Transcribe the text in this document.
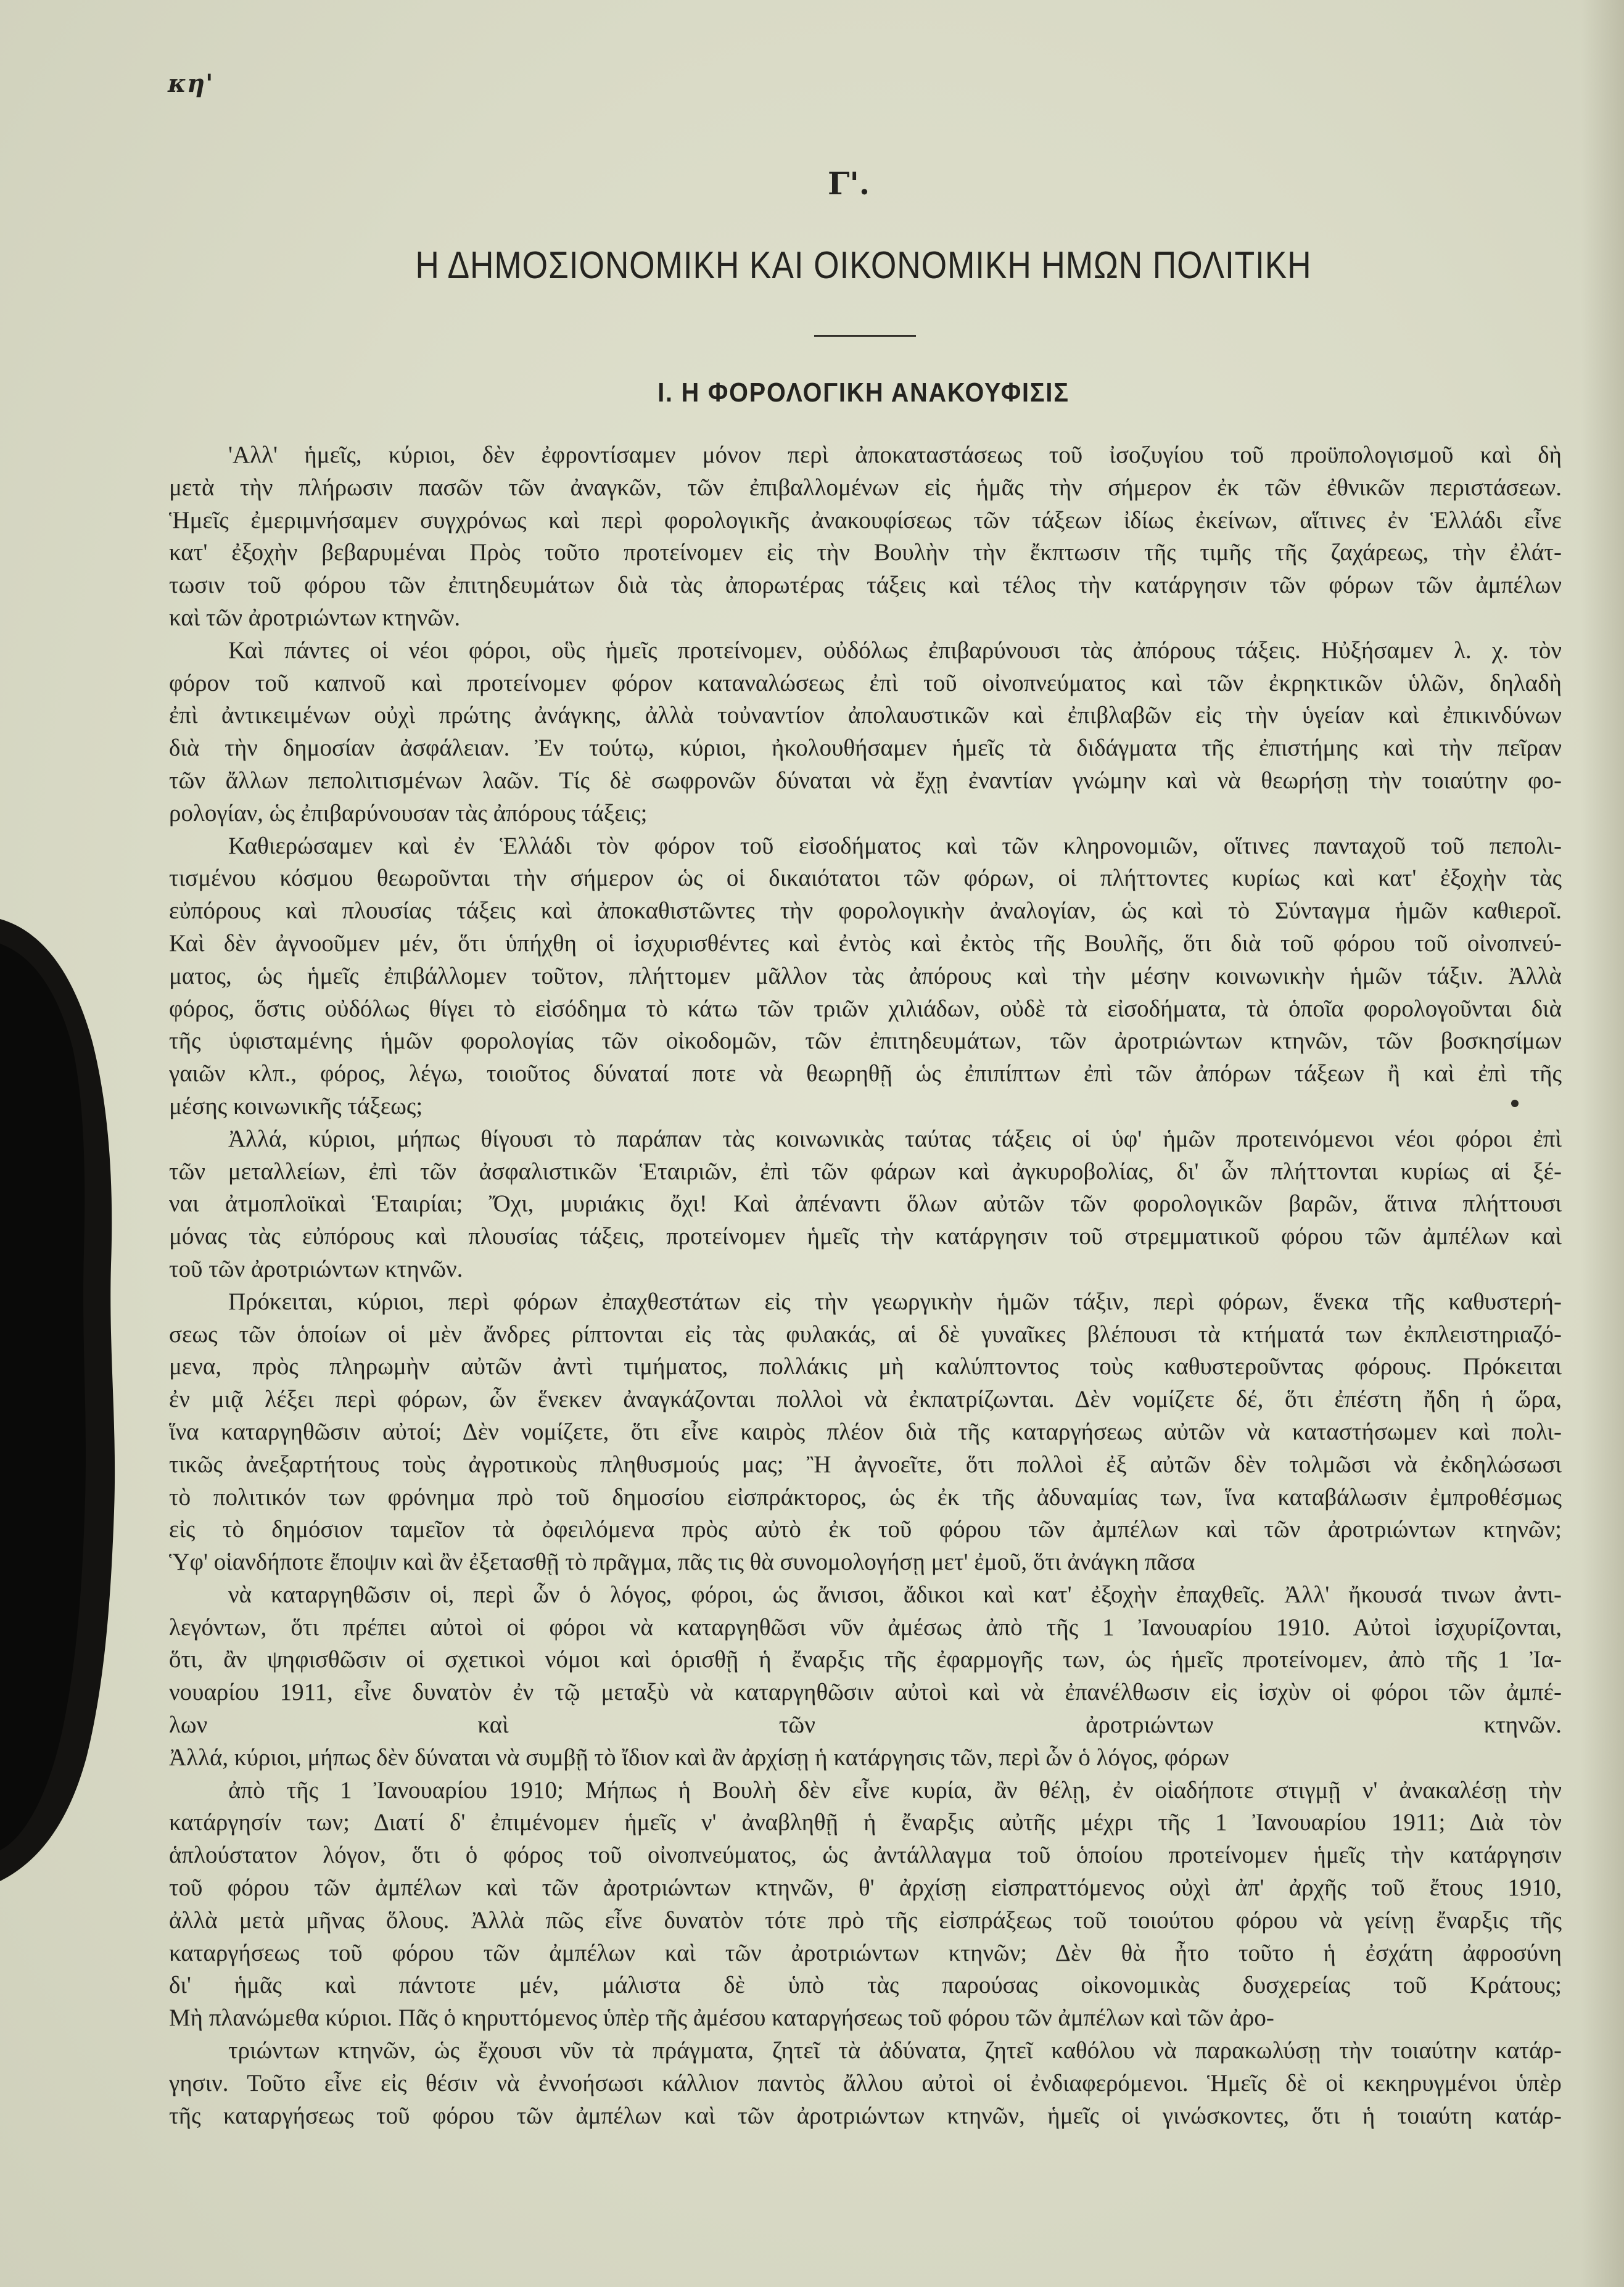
κη'
Γ'.
Η ΔΗΜΟΣΙΟΝΟΜΙΚΗ ΚΑΙ ΟΙΚΟΝΟΜΙΚΗ ΗΜΩΝ ΠΟΛΙΤΙΚΗ
I. Η ΦΟΡΟΛΟΓΙΚΗ ΑΝΑΚΟΥΦΙΣΙΣ
'Αλλ' ἡμεῖς, κύριοι, δὲν ἐφροντίσαμεν μόνον περὶ ἀποκαταστάσεως τοῦ ἰσοζυγίου τοῦ προϋπολογισμοῦ καὶ δὴ
μετὰ τὴν πλήρωσιν πασῶν τῶν ἀναγκῶν, τῶν ἐπιβαλλομένων εἰς ἡμᾶς τὴν σήμερον ἐκ τῶν ἐθνικῶν περιστάσεων.
Ἡμεῖς ἐμεριμνήσαμεν συγχρόνως καὶ περὶ φορολογικῆς ἀνακουφίσεως τῶν τάξεων ἰδίως ἐκείνων, αἵτινες ἐν Ἑλλάδι εἶνε
κατ' ἐξοχὴν βεβαρυμέναι Πρὸς τοῦτο προτείνομεν εἰς τὴν Βουλὴν τὴν ἔκπτωσιν τῆς τιμῆς τῆς ζαχάρεως, τὴν ἐλάτ-
τωσιν τοῦ φόρου τῶν ἐπιτηδευμάτων διὰ τὰς ἀπορωτέρας τάξεις καὶ τέλος τὴν κατάργησιν τῶν φόρων τῶν ἀμπέλων
καὶ τῶν ἀροτριώντων κτηνῶν.
Καὶ πάντες οἱ νέοι φόροι, οὓς ἡμεῖς προτείνομεν, οὐδόλως ἐπιβαρύνουσι τὰς ἀπόρους τάξεις. Ηὐξήσαμεν λ. χ. τὸν
φόρον τοῦ καπνοῦ καὶ προτείνομεν φόρον καταναλώσεως ἐπὶ τοῦ οἰνοπνεύματος καὶ τῶν ἐκρηκτικῶν ὑλῶν, δηλαδὴ
ἐπὶ ἀντικειμένων οὐχὶ πρώτης ἀνάγκης, ἀλλὰ τοὐναντίον ἀπολαυστικῶν καὶ ἐπιβλαβῶν εἰς τὴν ὑγείαν καὶ ἐπικινδύνων
διὰ τὴν δημοσίαν ἀσφάλειαν. Ἐν τούτῳ, κύριοι, ἠκολουθήσαμεν ἡμεῖς τὰ διδάγματα τῆς ἐπιστήμης καὶ τὴν πεῖραν
τῶν ἄλλων πεπολιτισμένων λαῶν. Τίς δὲ σωφρονῶν δύναται νὰ ἔχῃ ἐναντίαν γνώμην καὶ νὰ θεωρήσῃ τὴν τοιαύτην φο-
ρολογίαν, ὡς ἐπιβαρύνουσαν τὰς ἀπόρους τάξεις;
Καθιερώσαμεν καὶ ἐν Ἑλλάδι τὸν φόρον τοῦ εἰσοδήματος καὶ τῶν κληρονομιῶν, οἵτινες πανταχοῦ τοῦ πεπολι-
τισμένου κόσμου θεωροῦνται τὴν σήμερον ὡς οἱ δικαιότατοι τῶν φόρων, οἱ πλήττοντες κυρίως καὶ κατ' ἐξοχὴν τὰς
εὐπόρους καὶ πλουσίας τάξεις καὶ ἀποκαθιστῶντες τὴν φορολογικὴν ἀναλογίαν, ὡς καὶ τὸ Σύνταγμα ἡμῶν καθιεροῖ.
Καὶ δὲν ἀγνοοῦμεν μέν, ὅτι ὑπήχθη οἱ ἰσχυρισθέντες καὶ ἐντὸς καὶ ἐκτὸς τῆς Βουλῆς, ὅτι διὰ τοῦ φόρου τοῦ οἰνοπνεύ-
ματος, ὡς ἡμεῖς ἐπιβάλλομεν τοῦτον, πλήττομεν μᾶλλον τὰς ἀπόρους καὶ τὴν μέσην κοινωνικὴν ἡμῶν τάξιν. Ἀλλὰ
φόρος, ὅστις οὐδόλως θίγει τὸ εἰσόδημα τὸ κάτω τῶν τριῶν χιλιάδων, οὐδὲ τὰ εἰσοδήματα, τὰ ὁποῖα φορολογοῦνται διὰ
τῆς ὑφισταμένης ἡμῶν φορολογίας τῶν οἰκοδομῶν, τῶν ἐπιτηδευμάτων, τῶν ἀροτριώντων κτηνῶν, τῶν βοσκησίμων
γαιῶν κλπ., φόρος, λέγω, τοιοῦτος δύναταί ποτε νὰ θεωρηθῇ ὡς ἐπιπίπτων ἐπὶ τῶν ἀπόρων τάξεων ἢ καὶ ἐπὶ τῆς
μέσης κοινωνικῆς τάξεως;
Ἀλλά, κύριοι, μήπως θίγουσι τὸ παράπαν τὰς κοινωνικὰς ταύτας τάξεις οἱ ὑφ' ἡμῶν προτεινόμενοι νέοι φόροι ἐπὶ
τῶν μεταλλείων, ἐπὶ τῶν ἀσφαλιστικῶν Ἑταιριῶν, ἐπὶ τῶν φάρων καὶ ἀγκυροβολίας, δι' ὧν πλήττονται κυρίως αἱ ξέ-
ναι ἀτμοπλοϊκαὶ Ἑταιρίαι; Ὄχι, μυριάκις ὄχι! Καὶ ἀπέναντι ὅλων αὐτῶν τῶν φορολογικῶν βαρῶν, ἅτινα πλήττουσι
μόνας τὰς εὐπόρους καὶ πλουσίας τάξεις, προτείνομεν ἡμεῖς τὴν κατάργησιν τοῦ στρεμματικοῦ φόρου τῶν ἀμπέλων καὶ
τοῦ τῶν ἀροτριώντων κτηνῶν.
Πρόκειται, κύριοι, περὶ φόρων ἐπαχθεστάτων εἰς τὴν γεωργικὴν ἡμῶν τάξιν, περὶ φόρων, ἕνεκα τῆς καθυστερή-
σεως τῶν ὁποίων οἱ μὲν ἄνδρες ρίπτονται εἰς τὰς φυλακάς, αἱ δὲ γυναῖκες βλέπουσι τὰ κτήματά των ἐκπλειστηριαζό-
μενα, πρὸς πληρωμὴν αὐτῶν ἀντὶ τιμήματος, πολλάκις μὴ καλύπτοντος τοὺς καθυστεροῦντας φόρους. Πρόκειται
ἐν μιᾷ λέξει περὶ φόρων, ὧν ἕνεκεν ἀναγκάζονται πολλοὶ νὰ ἐκπατρίζωνται. Δὲν νομίζετε δέ, ὅτι ἐπέστη ἤδη ἡ ὥρα,
ἵνα καταργηθῶσιν αὐτοί; Δὲν νομίζετε, ὅτι εἶνε καιρὸς πλέον διὰ τῆς καταργήσεως αὐτῶν νὰ καταστήσωμεν καὶ πολι-
τικῶς ἀνεξαρτήτους τοὺς ἀγροτικοὺς πληθυσμούς μας; Ἢ ἀγνοεῖτε, ὅτι πολλοὶ ἐξ αὐτῶν δὲν τολμῶσι νὰ ἐκδηλώσωσι
τὸ πολιτικόν των φρόνημα πρὸ τοῦ δημοσίου εἰσπράκτορος, ὡς ἐκ τῆς ἀδυναμίας των, ἵνα καταβάλωσιν ἐμπροθέσμως
εἰς τὸ δημόσιον ταμεῖον τὰ ὀφειλόμενα πρὸς αὐτὸ ἐκ τοῦ φόρου τῶν ἀμπέλων καὶ τῶν ἀροτριώντων κτηνῶν;
Ὑφ' οἱανδήποτε ἔποψιν καὶ ἂν ἐξετασθῇ τὸ πρᾶγμα, πᾶς τις θὰ συνομολογήσῃ μετ' ἐμοῦ, ὅτι ἀνάγκη πᾶσα
νὰ καταργηθῶσιν οἱ, περὶ ὧν ὁ λόγος, φόροι, ὡς ἄνισοι, ἄδικοι καὶ κατ' ἐξοχὴν ἐπαχθεῖς. Ἀλλ' ἤκουσά τινων ἀντι-
λεγόντων, ὅτι πρέπει αὐτοὶ οἱ φόροι νὰ καταργηθῶσι νῦν ἀμέσως ἀπὸ τῆς 1 Ἰανουαρίου 1910. Αὐτοὶ ἰσχυρίζονται,
ὅτι, ἂν ψηφισθῶσιν οἱ σχετικοὶ νόμοι καὶ ὁρισθῇ ἡ ἔναρξις τῆς ἐφαρμογῆς των, ὡς ἡμεῖς προτείνομεν, ἀπὸ τῆς 1 Ἰα-
νουαρίου 1911, εἶνε δυνατὸν ἐν τῷ μεταξὺ νὰ καταργηθῶσιν αὐτοὶ καὶ νὰ ἐπανέλθωσιν εἰς ἰσχὺν οἱ φόροι τῶν ἀμπέ-
λων καὶ τῶν ἀροτριώντων κτηνῶν.
Ἀλλά, κύριοι, μήπως δὲν δύναται νὰ συμβῇ τὸ ἴδιον καὶ ἂν ἀρχίσῃ ἡ κατάργησις τῶν, περὶ ὧν ὁ λόγος, φόρων
ἀπὸ τῆς 1 Ἰανουαρίου 1910; Μήπως ἡ Βουλὴ δὲν εἶνε κυρία, ἂν θέλῃ, ἐν οἱαδήποτε στιγμῇ ν' ἀνακαλέσῃ τὴν
κατάργησίν των; Διατί δ' ἐπιμένομεν ἡμεῖς ν' ἀναβληθῇ ἡ ἔναρξις αὐτῆς μέχρι τῆς 1 Ἰανουαρίου 1911; Διὰ τὸν
ἁπλούστατον λόγον, ὅτι ὁ φόρος τοῦ οἰνοπνεύματος, ὡς ἀντάλλαγμα τοῦ ὁποίου προτείνομεν ἡμεῖς τὴν κατάργησιν
τοῦ φόρου τῶν ἀμπέλων καὶ τῶν ἀροτριώντων κτηνῶν, θ' ἀρχίσῃ εἰσπραττόμενος οὐχὶ ἀπ' ἀρχῆς τοῦ ἔτους 1910,
ἀλλὰ μετὰ μῆνας ὅλους. Ἀλλὰ πῶς εἶνε δυνατὸν τότε πρὸ τῆς εἰσπράξεως τοῦ τοιούτου φόρου νὰ γείνῃ ἔναρξις τῆς
καταργήσεως τοῦ φόρου τῶν ἀμπέλων καὶ τῶν ἀροτριώντων κτηνῶν; Δὲν θὰ ἦτο τοῦτο ἡ ἐσχάτη ἀφροσύνη
δι' ἡμᾶς καὶ πάντοτε μέν, μάλιστα δὲ ὑπὸ τὰς παρούσας οἰκονομικὰς δυσχερείας τοῦ Κράτους;
Μὴ πλανώμεθα κύριοι. Πᾶς ὁ κηρυττόμενος ὑπὲρ τῆς ἀμέσου καταργήσεως τοῦ φόρου τῶν ἀμπέλων καὶ τῶν ἀρο-
τριώντων κτηνῶν, ὡς ἔχουσι νῦν τὰ πράγματα, ζητεῖ τὰ ἀδύνατα, ζητεῖ καθόλου νὰ παρακωλύσῃ τὴν τοιαύτην κατάρ-
γησιν. Τοῦτο εἶνε εἰς θέσιν νὰ ἐννοήσωσι κάλλιον παντὸς ἄλλου αὐτοὶ οἱ ἐνδιαφερόμενοι. Ἡμεῖς δὲ οἱ κεκηρυγμένοι ὑπὲρ
τῆς καταργήσεως τοῦ φόρου τῶν ἀμπέλων καὶ τῶν ἀροτριώντων κτηνῶν, ἡμεῖς οἱ γινώσκοντες, ὅτι ἡ τοιαύτη κατάρ-
